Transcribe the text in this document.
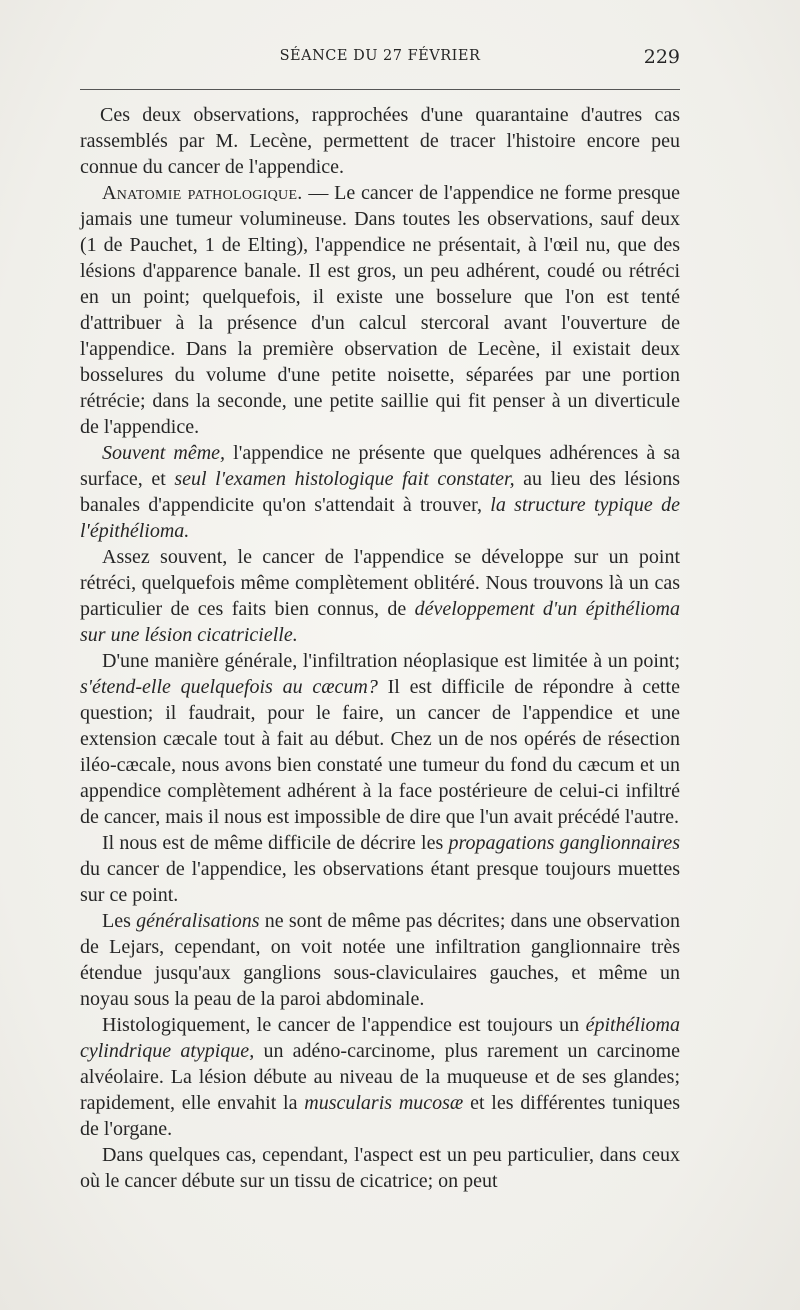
SÉANCE DU 27 FÉVRIER	229

Ces deux observations, rapprochées d'une quarantaine d'autres cas rassemblés par M. Lecène, permettent de tracer l'histoire encore peu connue du cancer de l'appendice.

Anatomie pathologique. — Le cancer de l'appendice ne forme presque jamais une tumeur volumineuse. Dans toutes les observations, sauf deux (1 de Pauchet, 1 de Elting), l'appendice ne présentait, à l'œil nu, que des lésions d'apparence banale. Il est gros, un peu adhérent, coudé ou rétréci en un point; quelquefois, il existe une bosselure que l'on est tenté d'attribuer à la présence d'un calcul stercoral avant l'ouverture de l'appendice. Dans la première observation de Lecène, il existait deux bosselures du volume d'une petite noisette, séparées par une portion rétrécie; dans la seconde, une petite saillie qui fit penser à un diverticule de l'appendice.

Souvent même, l'appendice ne présente que quelques adhérences à sa surface, et seul l'examen histologique fait constater, au lieu des lésions banales d'appendicite qu'on s'attendait à trouver, la structure typique de l'épithélioma.

Assez souvent, le cancer de l'appendice se développe sur un point rétréci, quelquefois même complètement oblitéré. Nous trouvons là un cas particulier de ces faits bien connus, de développement d'un épithélioma sur une lésion cicatricielle.

D'une manière générale, l'infiltration néoplasique est limitée à un point; s'étend-elle quelquefois au cæcum? Il est difficile de répondre à cette question; il faudrait, pour le faire, un cancer de l'appendice et une extension cæcale tout à fait au début. Chez un de nos opérés de résection iléo-cæcale, nous avons bien constaté une tumeur du fond du cæcum et un appendice complètement adhérent à la face postérieure de celui-ci infiltré de cancer, mais il nous est impossible de dire que l'un avait précédé l'autre.

Il nous est de même difficile de décrire les propagations ganglionnaires du cancer de l'appendice, les observations étant presque toujours muettes sur ce point.

Les généralisations ne sont de même pas décrites; dans une observation de Lejars, cependant, on voit notée une infiltration ganglionnaire très étendue jusqu'aux ganglions sous-claviculaires gauches, et même un noyau sous la peau de la paroi abdominale.

Histologiquement, le cancer de l'appendice est toujours un épithélioma cylindrique atypique, un adéno-carcinome, plus rarement un carcinome alvéolaire. La lésion débute au niveau de la muqueuse et de ses glandes; rapidement, elle envahit la muscularis mucosæ et les différentes tuniques de l'organe.

Dans quelques cas, cependant, l'aspect est un peu particulier, dans ceux où le cancer débute sur un tissu de cicatrice; on peut
